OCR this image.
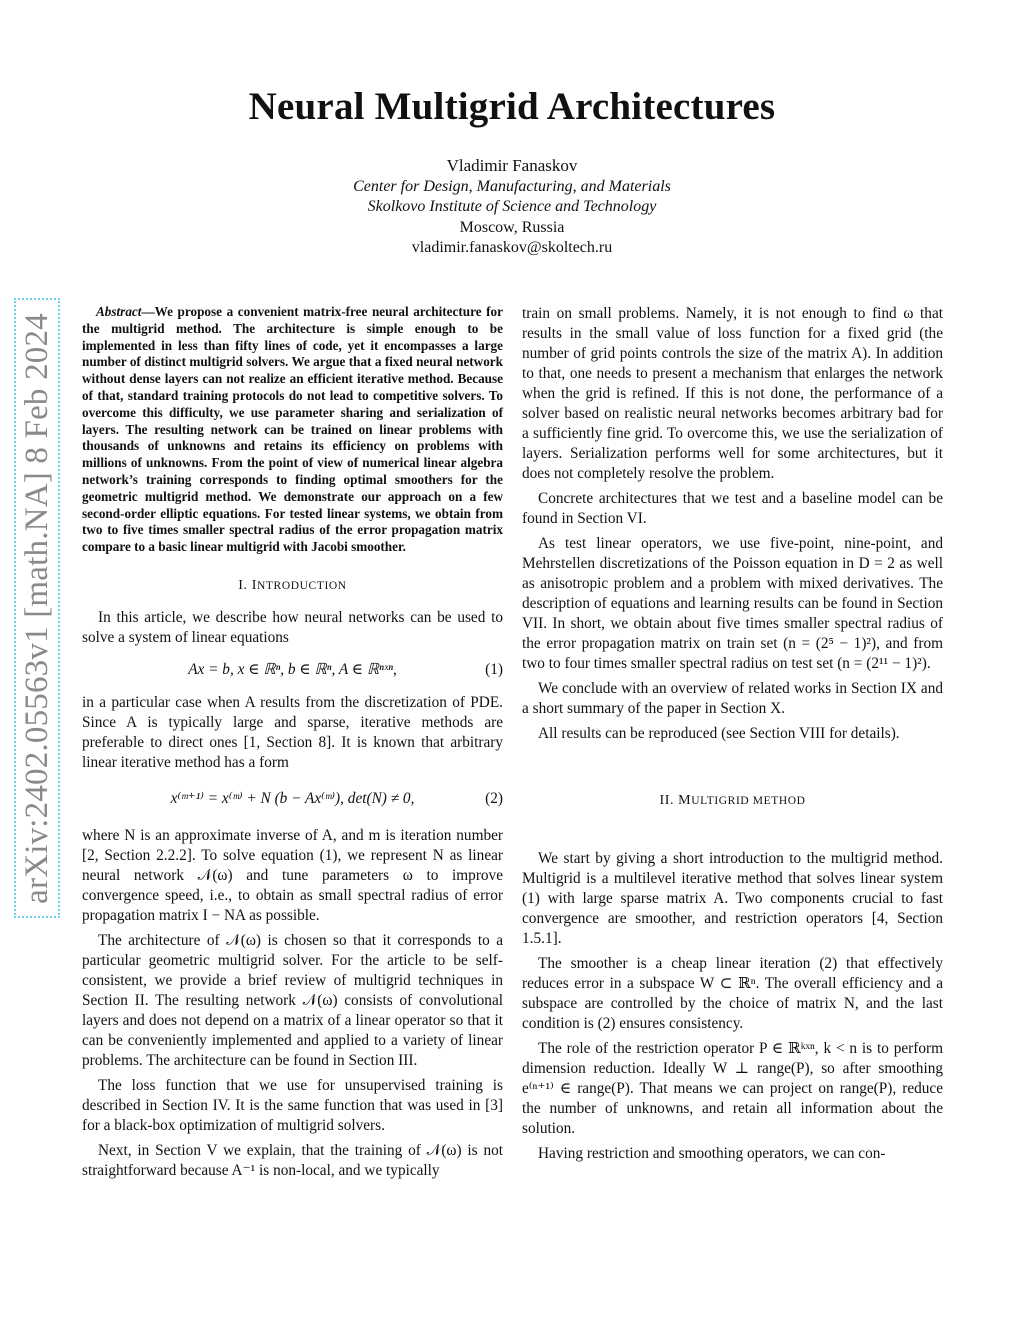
arXiv:2402.05563v1 [math.NA] 8 Feb 2024
Neural Multigrid Architectures
Vladimir Fanaskov
Center for Design, Manufacturing, and Materials
Skolkovo Institute of Science and Technology
Moscow, Russia
vladimir.fanaskov@skoltech.ru
Abstract—We propose a convenient matrix-free neural architecture for the multigrid method. The architecture is simple enough to be implemented in less than fifty lines of code, yet it encompasses a large number of distinct multigrid solvers. We argue that a fixed neural network without dense layers can not realize an efficient iterative method. Because of that, standard training protocols do not lead to competitive solvers. To overcome this difficulty, we use parameter sharing and serialization of layers. The resulting network can be trained on linear problems with thousands of unknowns and retains its efficiency on problems with millions of unknowns. From the point of view of numerical linear algebra network’s training corresponds to finding optimal smoothers for the geometric multigrid method. We demonstrate our approach on a few second-order elliptic equations. For tested linear systems, we obtain from two to five times smaller spectral radius of the error propagation matrix compare to a basic linear multigrid with Jacobi smoother.
I. INTRODUCTION

In this article, we describe how neural networks can be used to solve a system of linear equations

Ax = b, x ∈ ℝⁿ, b ∈ ℝⁿ, A ∈ ℝⁿˣⁿ,	(1)

in a particular case when A results from the discretization of PDE. Since A is typically large and sparse, iterative methods are preferable to direct ones [1, Section 8]. It is known that arbitrary linear iterative method has a form

x⁽ᵐ⁺¹⁾ = x⁽ᵐ⁾ + N (b − Ax⁽ᵐ⁾), det(N) ≠ 0,	(2)

where N is an approximate inverse of A, and m is iteration number [2, Section 2.2.2]. To solve equation (1), we represent N as linear neural network 𝒩(ω) and tune parameters ω to improve convergence speed, i.e., to obtain as small spectral radius of error propagation matrix I − NA as possible.

The architecture of 𝒩(ω) is chosen so that it corresponds to a particular geometric multigrid solver. For the article to be self-consistent, we provide a brief review of multigrid techniques in Section II. The resulting network 𝒩(ω) consists of convolutional layers and does not depend on a matrix of a linear operator so that it can be conveniently implemented and applied to a variety of linear problems. The architecture can be found in Section III.

The loss function that we use for unsupervised training is described in Section IV. It is the same function that was used in [3] for a black-box optimization of multigrid solvers.

Next, in Section V we explain, that the training of 𝒩(ω) is not straightforward because A⁻¹ is non-local, and we typically

train on small problems. Namely, it is not enough to find ω that results in the small value of loss function for a fixed grid (the number of grid points controls the size of the matrix A). In addition to that, one needs to present a mechanism that enlarges the network when the grid is refined. If this is not done, the performance of a solver based on realistic neural networks becomes arbitrary bad for a sufficiently fine grid. To overcome this, we use the serialization of layers. Serialization performs well for some architectures, but it does not completely resolve the problem.

Concrete architectures that we test and a baseline model can be found in Section VI.

As test linear operators, we use five-point, nine-point, and Mehrstellen discretizations of the Poisson equation in D = 2 as well as anisotropic problem and a problem with mixed derivatives. The description of equations and learning results can be found in Section VII. In short, we obtain about five times smaller spectral radius of the error propagation matrix on train set (n = (2⁵ − 1)²), and from two to four times smaller spectral radius on test set (n = (2¹¹ − 1)²).

We conclude with an overview of related works in Section IX and a short summary of the paper in Section X.

All results can be reproduced (see Section VIII for details).

II. MULTIGRID METHOD

We start by giving a short introduction to the multigrid method. Multigrid is a multilevel iterative method that solves linear system (1) with large sparse matrix A. Two components crucial to fast convergence are smoother, and restriction operators [4, Section 1.5.1].

The smoother is a cheap linear iteration (2) that effectively reduces error in a subspace W ⊂ ℝⁿ. The overall efficiency and a subspace are controlled by the choice of matrix N, and the last condition is (2) ensures consistency.

The role of the restriction operator P ∈ ℝᵏˣⁿ, k < n is to perform dimension reduction. Ideally W ⊥ range(P), so after smoothing e⁽ⁿ⁺¹⁾ ∈ range(P). That means we can project on range(P), reduce the number of unknowns, and retain all information about the solution.

Having restriction and smoothing operators, we can con-
